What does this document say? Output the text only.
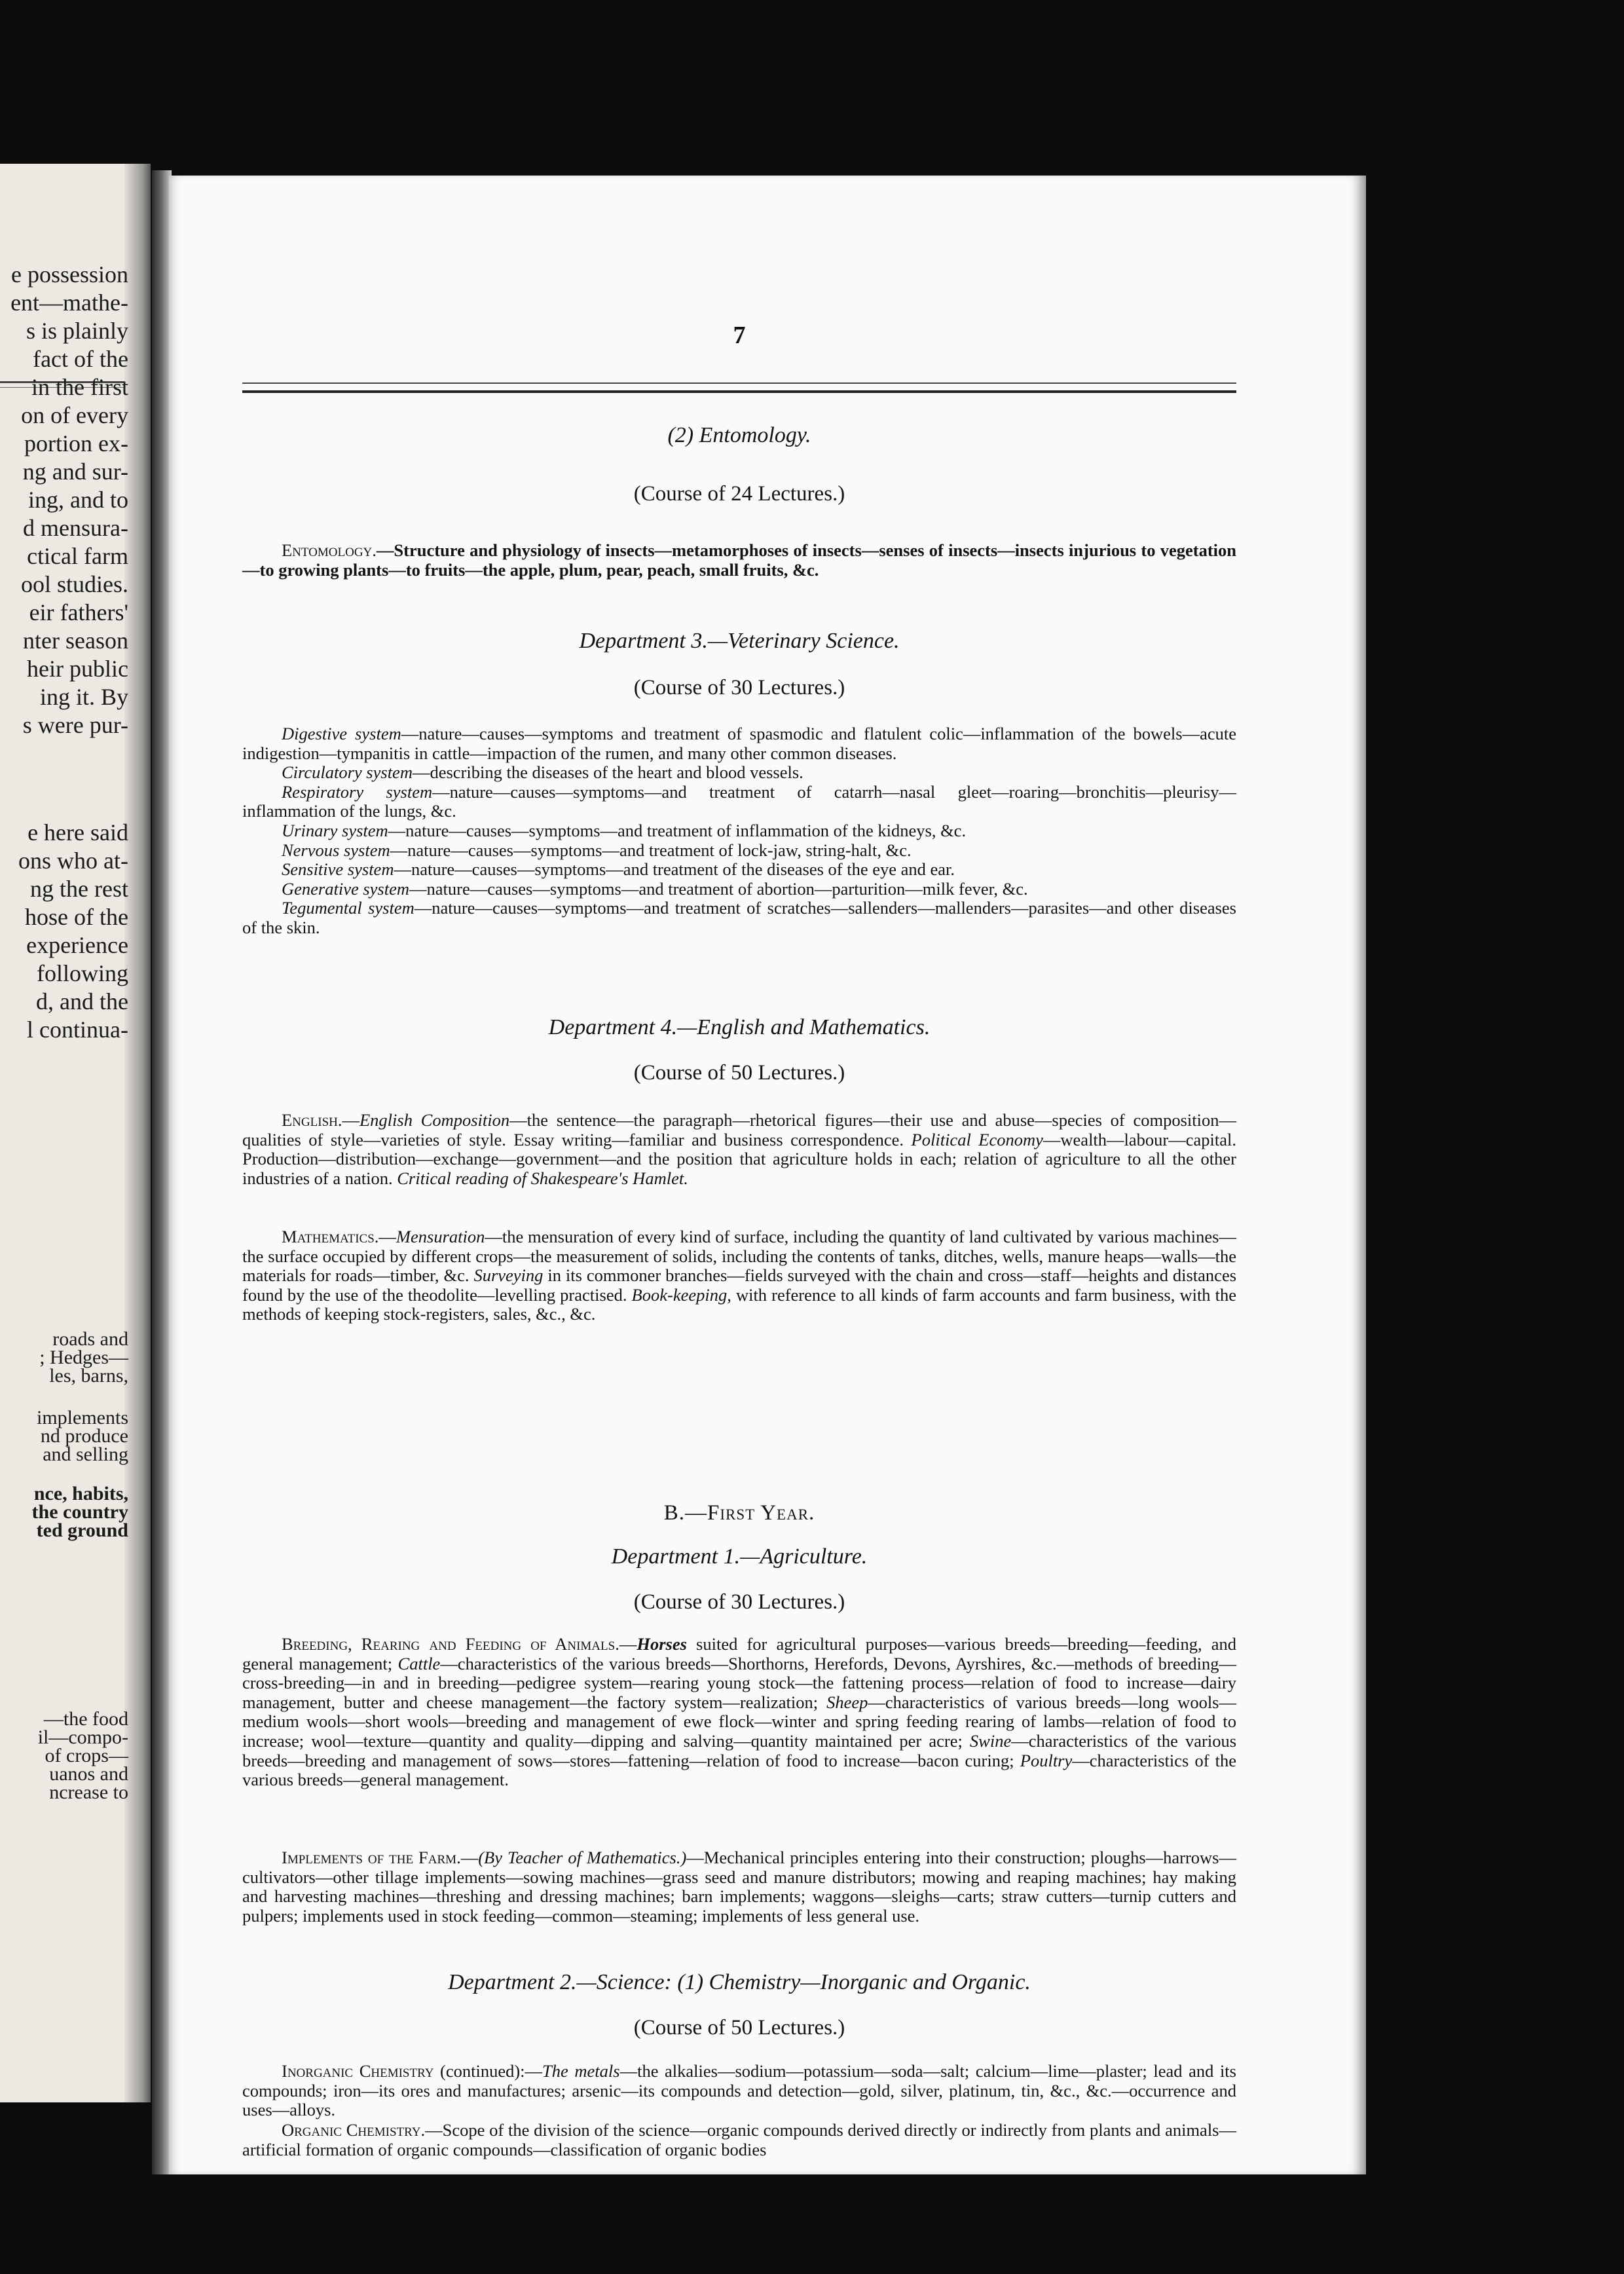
e possession
ent—mathe-
s is plainly
fact of the
in the first
on of every
portion ex-
ng and sur-
ing, and to
d mensura-
ctical farm
ool studies.
eir fathers'
nter season
heir public
ing it. By
s were pur-
e here said
ons who at-
ng the rest
hose of the
experience
following
d, and the
l continua-
roads and
; Hedges—
les, barns,
implements
nd produce
and selling
nce, habits,
the country
ted ground
—the food
il—compo-
of crops—
uanos and
ncrease to
7
(2) Entomology.
(Course of 24 Lectures.)

Entomology.—Structure and physiology of insects—metamorphoses of insects—senses of insects—insects injurious to vegetation—to growing plants—to fruits—the apple, plum, pear, peach, small fruits, &c.

Department 3.—Veterinary Science.
(Course of 30 Lectures.)

Digestive system—nature—causes—symptoms and treatment of spasmodic and flatulent colic—inflammation of the bowels—acute indigestion—tympanitis in cattle—impaction of the rumen, and many other common diseases.

Circulatory system—describing the diseases of the heart and blood vessels.

Respiratory system—nature—causes—symptoms—and treatment of catarrh—nasal gleet—roaring—bronchitis—pleurisy—inflammation of the lungs, &c.

Urinary system—nature—causes—symptoms—and treatment of inflammation of the kidneys, &c.

Nervous system—nature—causes—symptoms—and treatment of lock-jaw, string-halt, &c.

Sensitive system—nature—causes—symptoms—and treatment of the diseases of the eye and ear.

Generative system—nature—causes—symptoms—and treatment of abortion—parturition—milk fever, &c.

Tegumental system—nature—causes—symptoms—and treatment of scratches—sallenders—mallenders—parasites—and other diseases of the skin.

Department 4.—English and Mathematics.
(Course of 50 Lectures.)

English.—English Composition—the sentence—the paragraph—rhetorical figures—their use and abuse—species of composition—qualities of style—varieties of style. Essay writing—familiar and business correspondence. Political Economy—wealth—labour—capital. Production—distribution—exchange—government—and the position that agriculture holds in each; relation of agriculture to all the other industries of a nation. Critical reading of Shakespeare's Hamlet.

Mathematics.—Mensuration—the mensuration of every kind of surface, including the quantity of land cultivated by various machines—the surface occupied by different crops—the measurement of solids, including the contents of tanks, ditches, wells, manure heaps—walls—the materials for roads—timber, &c. Surveying in its commoner branches—fields surveyed with the chain and cross—staff—heights and distances found by the use of the theodolite—levelling practised. Book-keeping, with reference to all kinds of farm accounts and farm business, with the methods of keeping stock-registers, sales, &c., &c.

B.—First Year.
Department 1.—Agriculture.
(Course of 30 Lectures.)

Breeding, Rearing and Feeding of Animals.—Horses suited for agricultural purposes—various breeds—breeding—feeding, and general management; Cattle—characteristics of the various breeds—Shorthorns, Herefords, Devons, Ayrshires, &c.—methods of breeding—cross-breeding—in and in breeding—pedigree system—rearing young stock—the fattening process—relation of food to increase—dairy management, butter and cheese management—the factory system—realization; Sheep—characteristics of various breeds—long wools—medium wools—short wools—breeding and management of ewe flock—winter and spring feeding rearing of lambs—relation of food to increase; wool—texture—quantity and quality—dipping and salving—quantity maintained per acre; Swine—characteristics of the various breeds—breeding and management of sows—stores—fattening—relation of food to increase—bacon curing; Poultry—characteristics of the various breeds—general management.

Implements of the Farm.—(By Teacher of Mathematics.)—Mechanical principles entering into their construction; ploughs—harrows—cultivators—other tillage implements—sowing machines—grass seed and manure distributors; mowing and reaping machines; hay making and harvesting machines—threshing and dressing machines; barn implements; waggons—sleighs—carts; straw cutters—turnip cutters and pulpers; implements used in stock feeding—common—steaming; implements of less general use.

Department 2.—Science: (1) Chemistry—Inorganic and Organic.
(Course of 50 Lectures.)

Inorganic Chemistry (continued):—The metals—the alkalies—sodium—potassium—soda—salt; calcium—lime—plaster; lead and its compounds; iron—its ores and manufactures; arsenic—its compounds and detection—gold, silver, platinum, tin, &c., &c.—occurrence and uses—alloys.

Organic Chemistry.—Scope of the division of the science—organic compounds derived directly or indirectly from plants and animals—artificial formation of organic compounds—classification of organic bodies
